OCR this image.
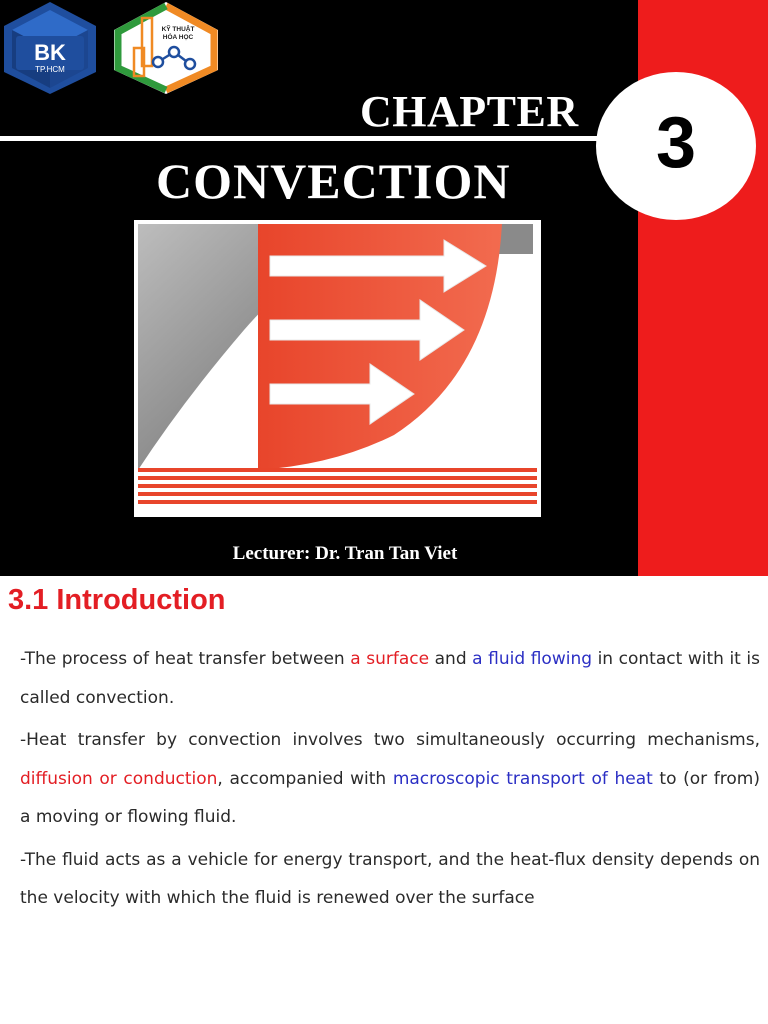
BK
TP.HCM
KỸ THUẬT
HÓA HỌC
CHAPTER 3
CONVECTION
Lecturer: Dr. Tran Tan Viet
3.1 Introduction

-The process of heat transfer between a surface and a fluid flowing in contact with it is called convection.

-Heat transfer by convection involves two simultaneously occurring mechanisms, diffusion or conduction, accompanied with macroscopic transport of heat to (or from) a moving or flowing fluid.

-The fluid acts as a vehicle for energy transport, and the heat-flux density depends on the velocity with which the fluid is renewed over the surface
